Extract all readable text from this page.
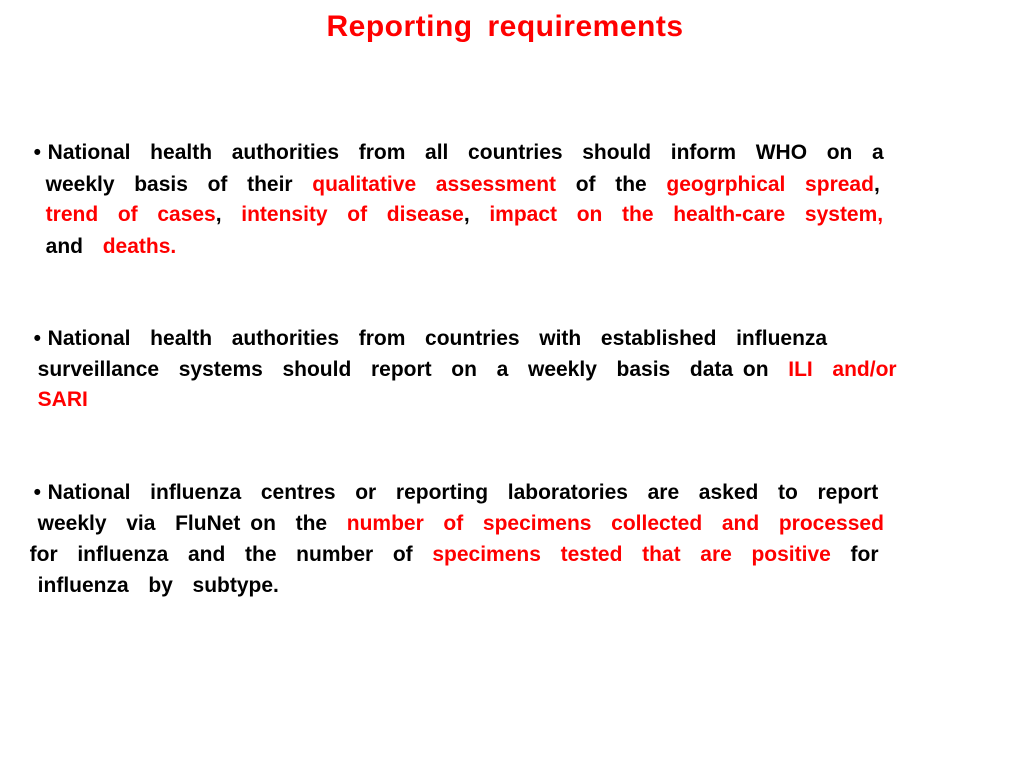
Reporting requirements

• National  health  authorities  from  all  countries  should  inform  WHO  on  a

weekly  basis  of  their  qualitative  assessment  of  the  geogrphical  spread,

trend  of  cases,  intensity  of  disease,  impact  on  the  health-care  system,

and  deaths.

• National  health  authorities  from  countries  with  established  influenza

surveillance  systems  should  report  on  a  weekly  basis  data on  ILI  and/or

SARI

• National  influenza  centres  or  reporting  laboratories  are  asked  to  report

weekly  via  FluNet on  the  number  of  specimens  collected  and  processed

for  influenza  and  the  number  of  specimens  tested  that  are  positive  for

influenza  by  subtype.
